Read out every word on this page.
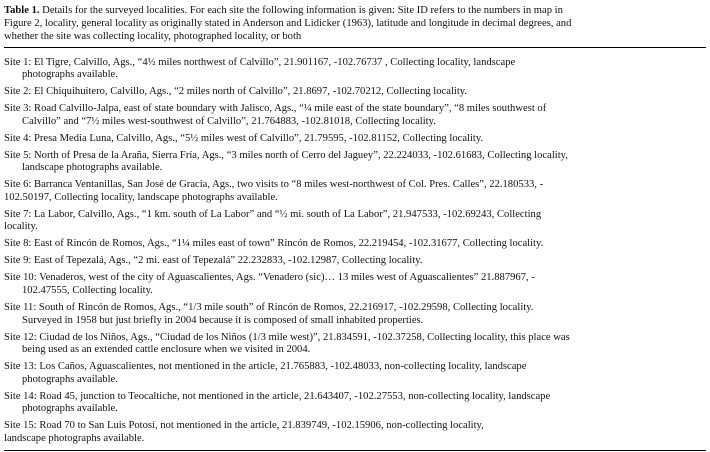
Table 1. Details for the surveyed localities. For each site the following information is given: Site ID refers to the numbers in map in
Figure 2, locality, general locality as originally stated in Anderson and Lidicker (1963), latitude and longitude in decimal degrees, and
whether the site was collecting locality, photographed locality, or both
Site 1: El Tigre, Calvillo, Ags., “4½ miles northwest of Calvillo”, 21.901167, -102.76737 , Collecting locality, landscape
photographs available.
Site 2: El Chiquihuitero, Calvillo, Ags., “2 miles north of Calvillo”, 21.8697, -102.70212, Collecting locality.
Site 3: Road Calvillo-Jalpa, east of state boundary with Jalisco, Ags., “¼ mile east of the state boundary”, “8 miles southwest of
Calvillo” and “7½ miles west-southwest of Calvillo”, 21.764883, -102.81018, Collecting locality.
Site 4: Presa Media Luna, Calvillo, Ags., “5½ miles west of Calvillo”, 21.79595, -102.81152, Collecting locality.
Site 5: North of Presa de la Araña, Sierra Fría, Ags., “3 miles north of Cerro del Jaguey”, 22.224033, -102.61683, Collecting locality,
landscape photographs available.
Site 6: Barranca Ventanillas, San José de Gracia, Ags., two visits to “8 miles west-northwest of Col. Pres. Calles”, 22.180533, -
102.50197, Collecting locality, landscape photographs available.
Site 7: La Labor, Calvillo, Ags., “1 km. south of La Labor” and “½ mi. south of La Labor”, 21.947533, -102.69243, Collecting
locality.
Site 8: East of Rincón de Romos, Ags., “1¼ miles east of town” Rincón de Romos, 22.219454, -102.31677, Collecting locality.
Site 9: East of Tepezalá, Ags., “2 mi. east of Tepezalá” 22.232833, -102.12987, Collecting locality.
Site 10: Venaderos, west of the city of Aguascalientes, Ags. “Venadero (sic)… 13 miles west of Aguascalientes” 21.887967, -
102.47555, Collecting locality.
Site 11: South of Rincón de Romos, Ags., “1/3 mile south” of Rincón de Romos, 22.216917, -102.29598, Collecting locality.
Surveyed in 1958 but just briefly in 2004 because it is composed of small inhabited properties.
Site 12: Ciudad de los Niños, Ags., “Ciudad de los Niños (1/3 mile west)”, 21.834591, -102.37258, Collecting locality, this place was
being used as an extended cattle enclosure when we visited in 2004.
Site 13: Los Caños, Aguascalientes, not mentioned in the article, 21.765883, -102.48033, non-collecting locality, landscape
photographs available.
Site 14: Road 45, junction to Teocaltiche, not mentioned in the article, 21.643407, -102.27553, non-collecting locality, landscape
photographs available.
Site 15: Road 70 to San Luis Potosí, not mentioned in the article, 21.839749, -102.15906, non-collecting locality,
landscape photographs available.
